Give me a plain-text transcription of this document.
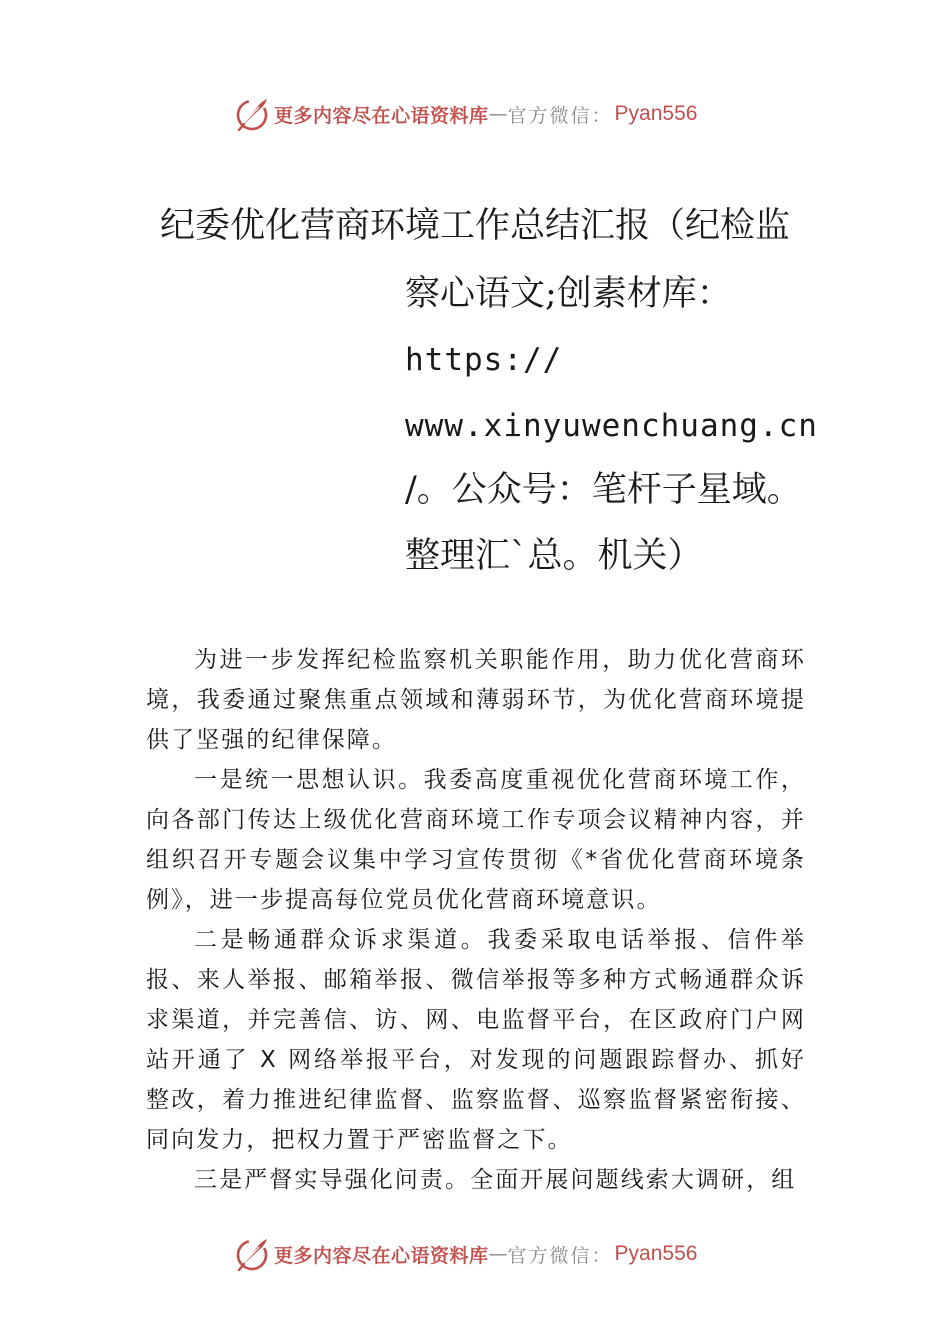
更多内容尽在心语资料库 — 官方微信： Pyan556
纪委优化营商环境工作总结汇报（纪检监
察心语文;创素材库：
https://
www.xinyuwenchuang.cn
/。公众号：笔杆子星域。
整理汇`总。机关）

为进一步发挥纪检监察机关职能作用，助力优化营商环境，我委通过聚焦重点领域和薄弱环节，为优化营商环境提供了坚强的纪律保障。

一是统一思想认识。我委高度重视优化营商环境工作，向各部门传达上级优化营商环境工作专项会议精神内容，并组织召开专题会议集中学习宣传贯彻《*省优化营商环境条例》，进一步提高每位党员优化营商环境意识。

二是畅通群众诉求渠道。我委采取电话举报、信件举报、来人举报、邮箱举报、微信举报等多种方式畅通群众诉求渠道，并完善信、访、网、电监督平台，在区政府门户网站开通了 X 网络举报平台，对发现的问题跟踪督办、抓好整改，着力推进纪律监督、监察监督、巡察监督紧密衔接、同向发力，把权力置于严密监督之下。

三是严督实导强化问责。全面开展问题线索大调研，组

更多内容尽在心语资料库 — 官方微信： Pyan556
